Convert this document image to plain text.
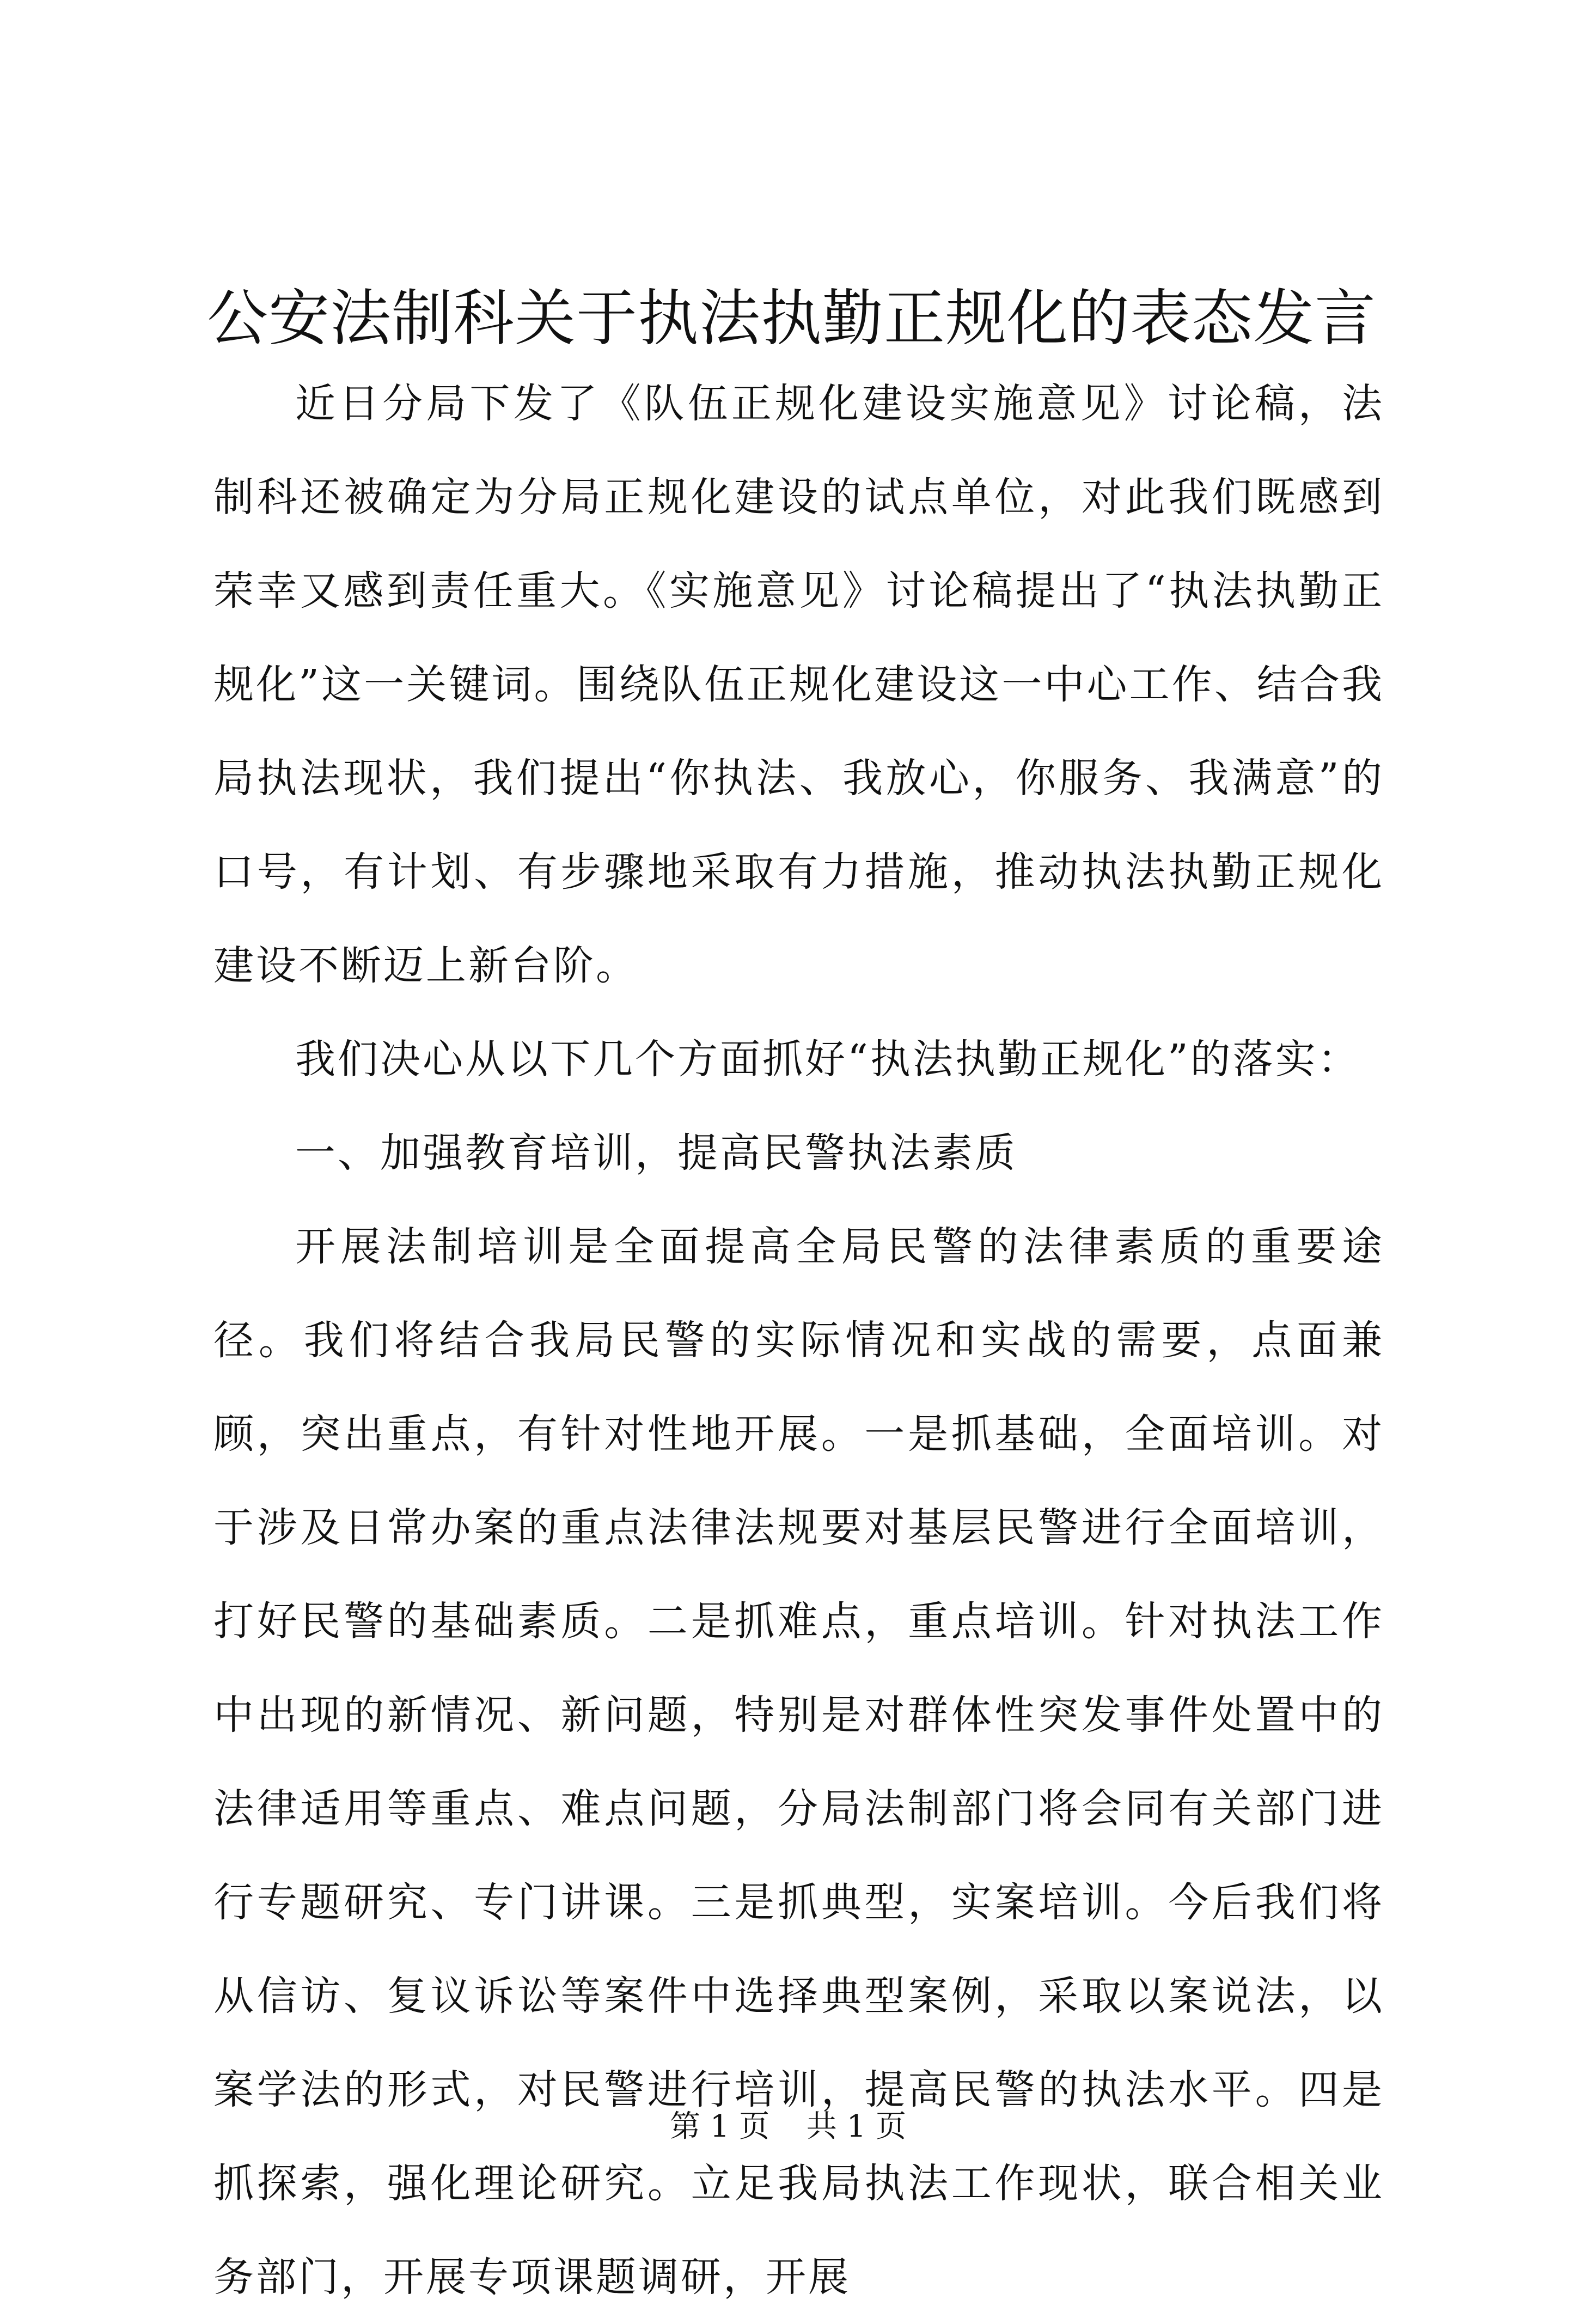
公安法制科关于执法执勤正规化的表态发言

近日分局下发了《队伍正规化建设实施意见》讨论稿，法制科还被确定为分局正规化建设的试点单位，对此我们既感到荣幸又感到责任重大。《实施意见》讨论稿提出了“执法执勤正规化”这一关键词。围绕队伍正规化建设这一中心工作、结合我局执法现状，我们提出“你执法、我放心，你服务、我满意”的口号，有计划、有步骤地采取有力措施，推动执法执勤正规化建设不断迈上新台阶。

我们决心从以下几个方面抓好“执法执勤正规化”的落实：

一、加强教育培训，提高民警执法素质

开展法制培训是全面提高全局民警的法律素质的重要途径。我们将结合我局民警的实际情况和实战的需要，点面兼顾，突出重点，有针对性地开展。一是抓基础，全面培训。对于涉及日常办案的重点法律法规要对基层民警进行全面培训，打好民警的基础素质。二是抓难点，重点培训。针对执法工作中出现的新情况、新问题，特别是对群体性突发事件处置中的法律适用等重点、难点问题，分局法制部门将会同有关部门进行专题研究、专门讲课。三是抓典型，实案培训。今后我们将从信访、复议诉讼等案件中选择典型案例，采取以案说法，以案学法的形式，对民警进行培训，提高民警的执法水平。四是抓探索，强化理论研究。立足我局执法工作现状，联合相关业务部门，开展专项课题调研，开展

第 1 页 共 1 页
